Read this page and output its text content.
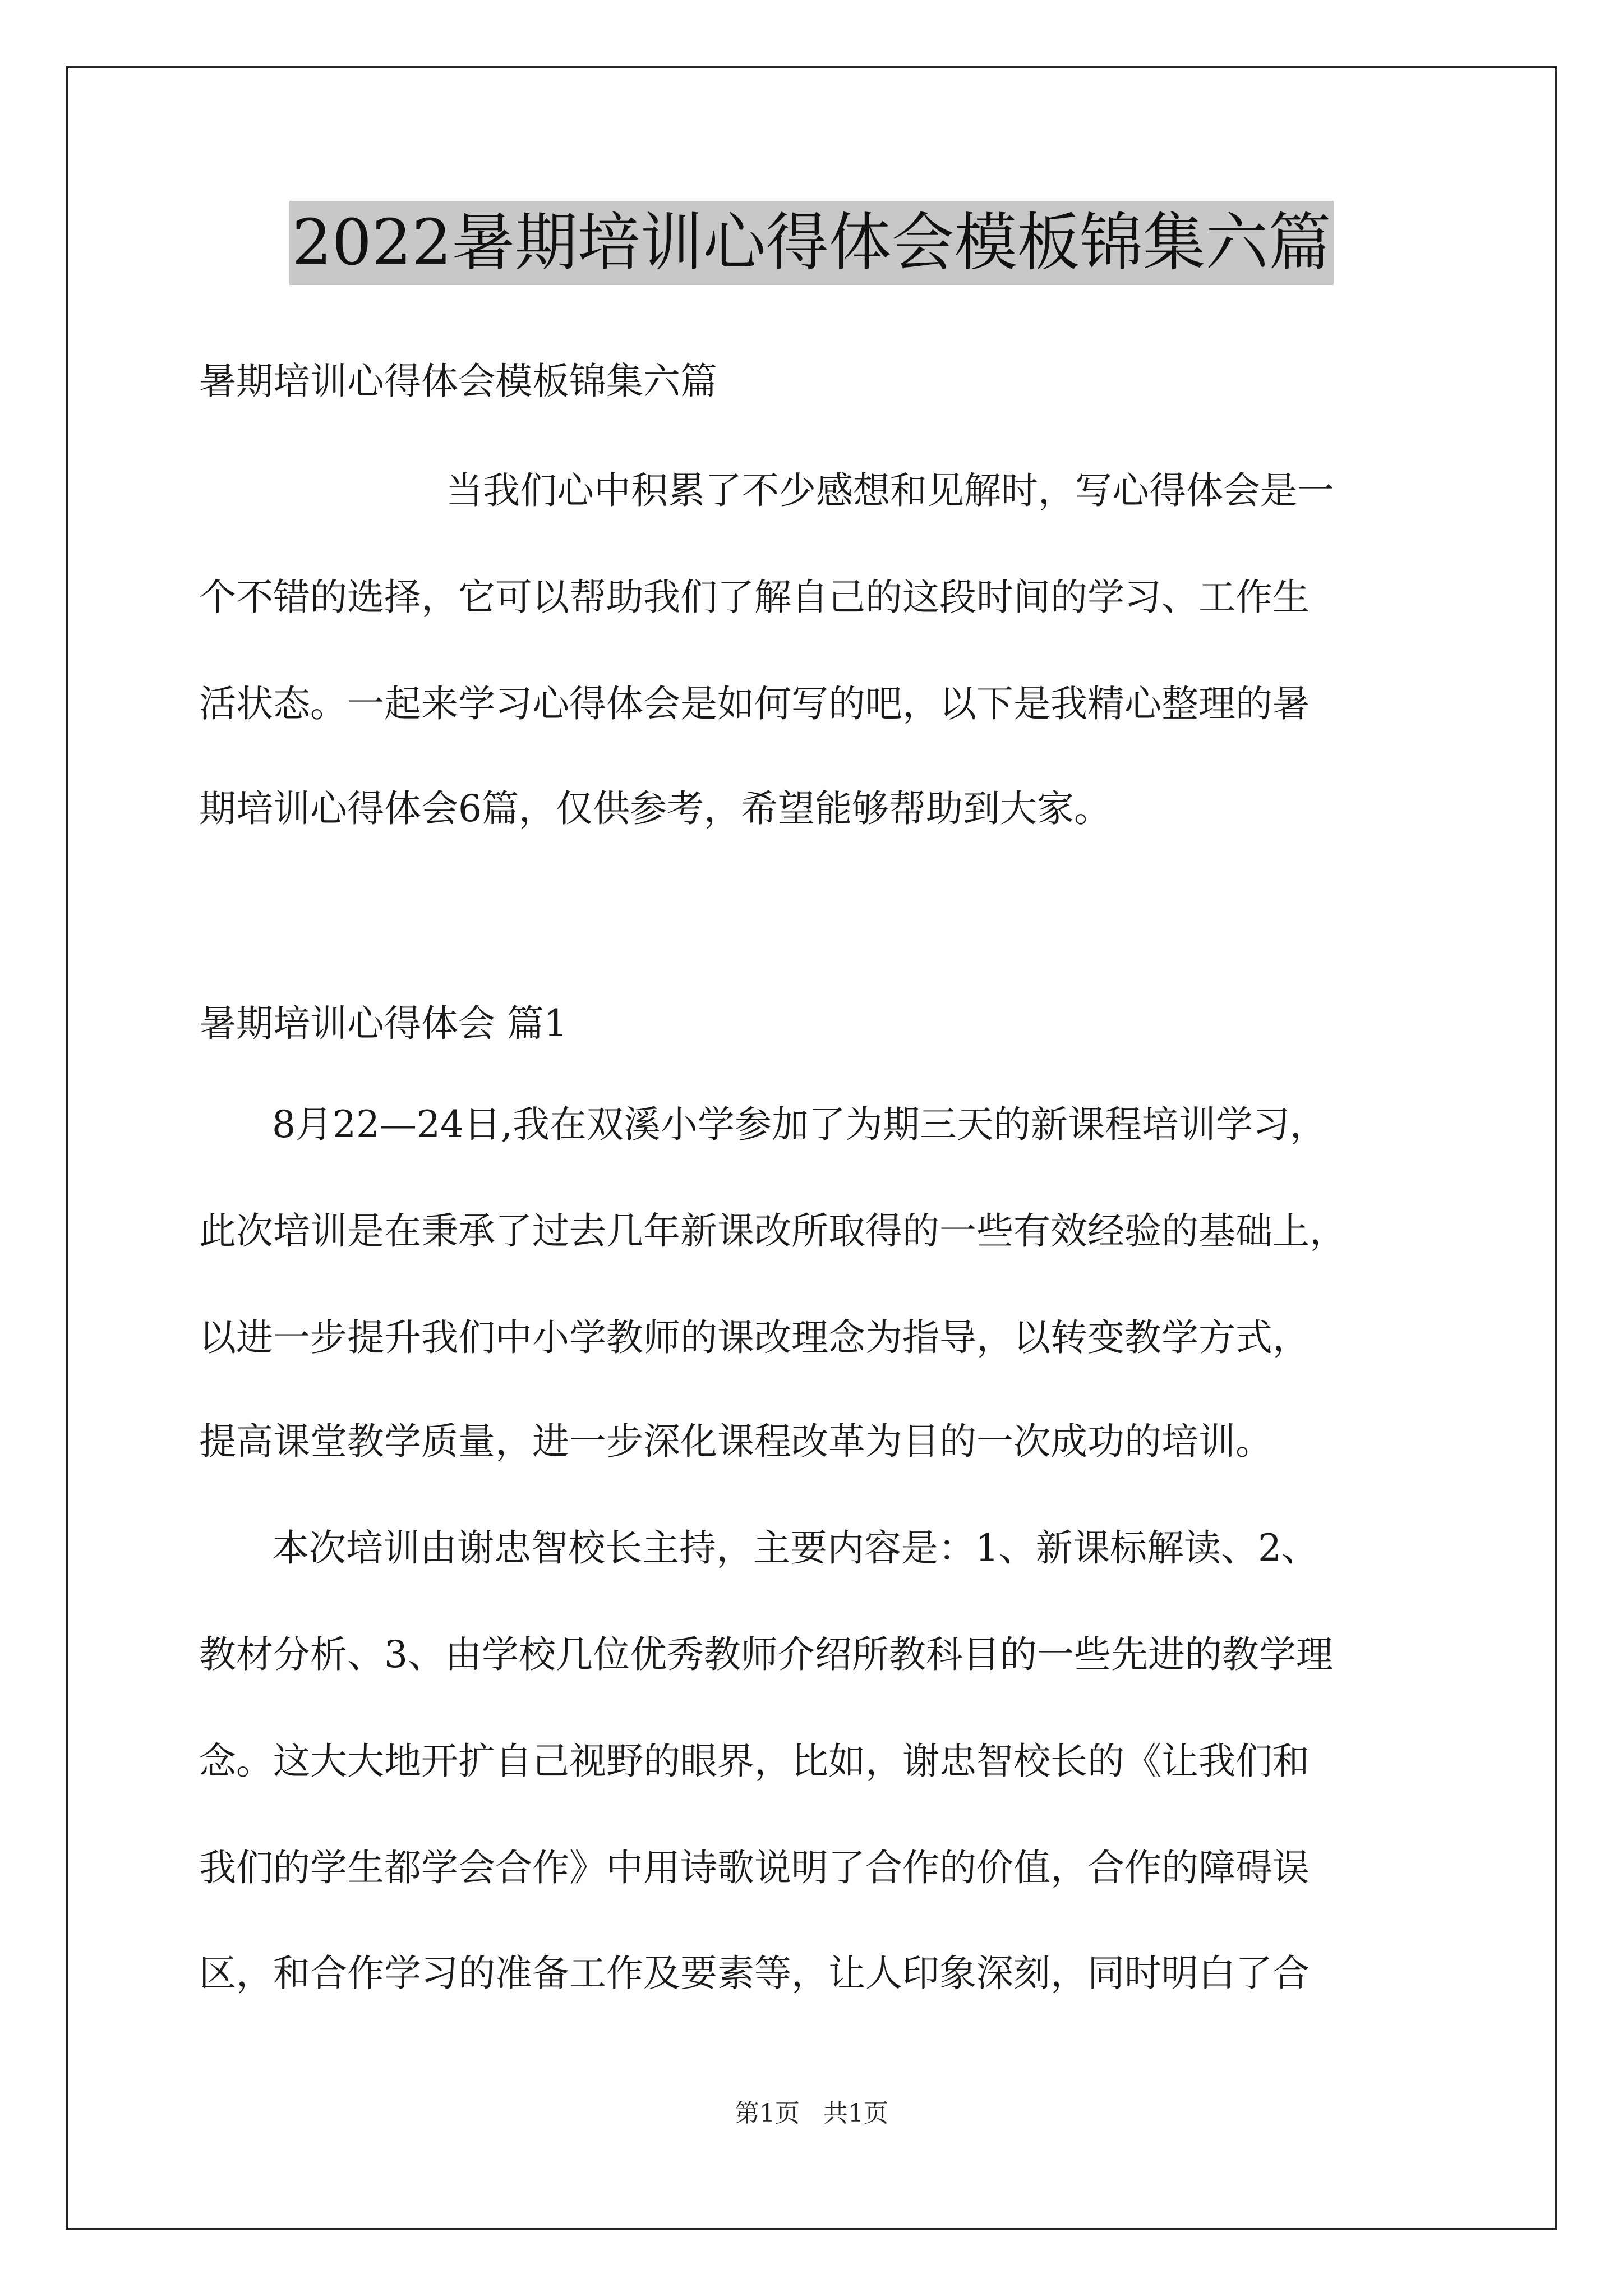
2022暑期培训心得体会模板锦集六篇
暑期培训心得体会模板锦集六篇
当我们心中积累了不少感想和见解时，写心得体会是一
个不错的选择，它可以帮助我们了解自己的这段时间的学习、工作生
活状态。一起来学习心得体会是如何写的吧，以下是我精心整理的暑
期培训心得体会6篇，仅供参考，希望能够帮助到大家。
暑期培训心得体会 篇1
8月22—24日,我在双溪小学参加了为期三天的新课程培训学习，
此次培训是在秉承了过去几年新课改所取得的一些有效经验的基础上，
以进一步提升我们中小学教师的课改理念为指导，以转变教学方式，
提高课堂教学质量，进一步深化课程改革为目的一次成功的培训。
本次培训由谢忠智校长主持，主要内容是：1、新课标解读、2、
教材分析、3、由学校几位优秀教师介绍所教科目的一些先进的教学理
念。这大大地开扩自己视野的眼界，比如，谢忠智校长的《让我们和
我们的学生都学会合作》中用诗歌说明了合作的价值，合作的障碍误
区，和合作学习的准备工作及要素等，让人印象深刻，同时明白了合
第1页   共1页
